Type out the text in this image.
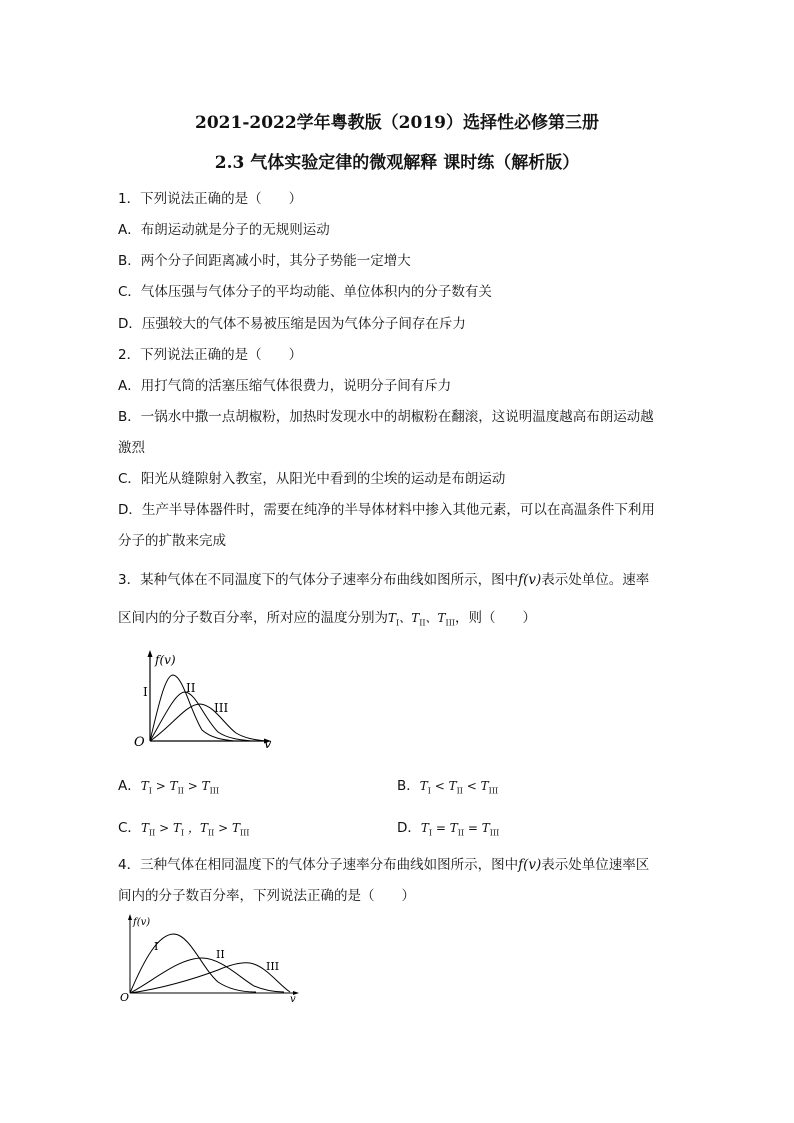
2021-2022学年粤教版（2019）选择性必修第三册
2.3 气体实验定律的微观解释 课时练（解析版）
1．下列说法正确的是（　　）
A．布朗运动就是分子的无规则运动
B．两个分子间距离减小时，其分子势能一定增大
C．气体压强与气体分子的平均动能、单位体积内的分子数有关
D．压强较大的气体不易被压缩是因为气体分子间存在斥力
2．下列说法正确的是（　　）
A．用打气筒的活塞压缩气体很费力，说明分子间有斥力
B．一锅水中撒一点胡椒粉，加热时发现水中的胡椒粉在翻滚，这说明温度越高布朗运动越
激烈
C．阳光从缝隙射入教室，从阳光中看到的尘埃的运动是布朗运动
D．生产半导体器件时，需要在纯净的半导体材料中掺入其他元素，可以在高温条件下利用
分子的扩散来完成
3．某种气体在不同温度下的气体分子速率分布曲线如图所示，图中f(v)表示处单位。速率
区间内的分子数百分率，所对应的温度分别为$T_I$、$T_{II}$、$T_{III}$，则（　　）
f(v)
I	II
III
O	v
A．$T_I > T_{II} > T_{III}$	B．$T_I < T_{II} < T_{III}$
C．$T_{II} > T_I$ ，$T_{II} > T_{III}$	D．$T_I = T_{II} = T_{III}$
4．三种气体在相同温度下的气体分子速率分布曲线如图所示，图中f(v)表示处单位速率区
间内的分子数百分率，下列说法正确的是（　　）
f(v)
I
II
III
O	v
